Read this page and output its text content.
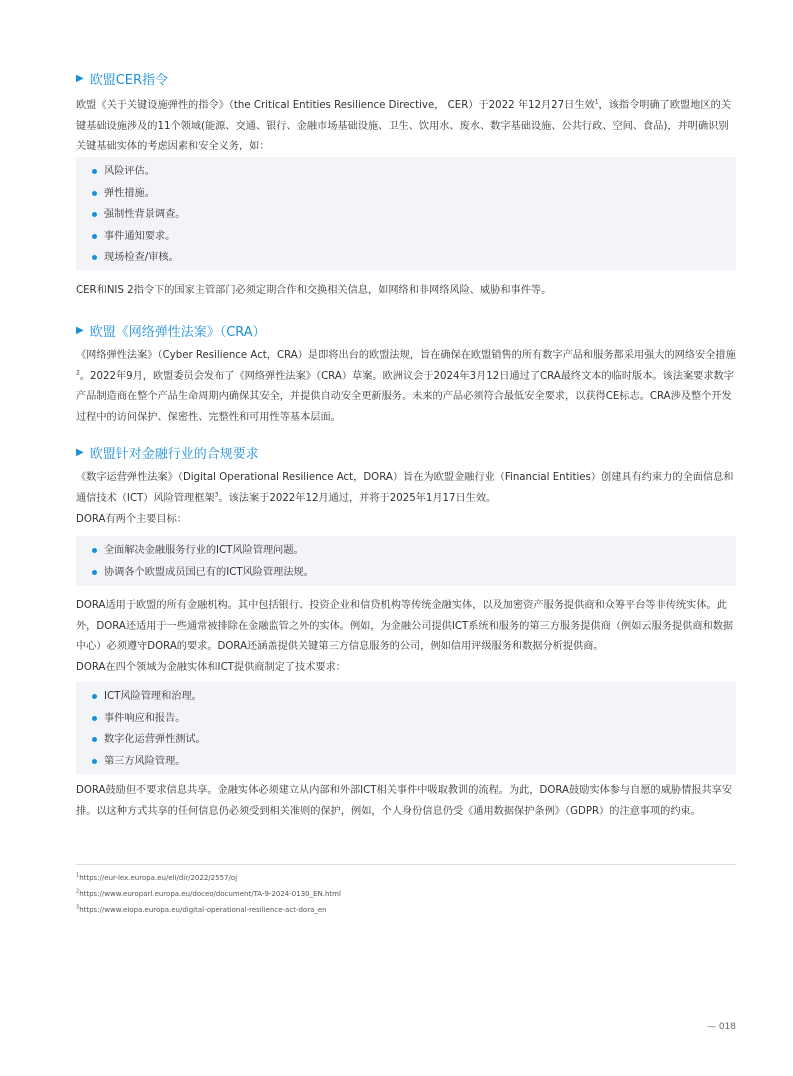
▶ 欧盟CER指令

欧盟《关于关键设施弹性的指令》（the Critical Entities Resilience Directive， CER）于2022 年12月27日生效$^1$，该指令明确了欧盟地区的关键基础设施涉及的11个领域(能源、交通、银行、金融市场基础设施、卫生、饮用水、废水、数字基础设施、公共行政、空间、食品)，并明确识别关键基础实体的考虑因素和安全义务，如：

风险评估。
弹性措施。
强制性背景调查。
事件通知要求。
现场检查/审核。

CER和NIS 2指令下的国家主管部门必须定期合作和交换相关信息，如网络和非网络风险、威胁和事件等。

▶ 欧盟《网络弹性法案》（CRA）

《网络弹性法案》（Cyber Resilience Act，CRA）是即将出台的欧盟法规，旨在确保在欧盟销售的所有数字产品和服务都采用强大的网络安全措施$^2$。2022年9月，欧盟委员会发布了《网络弹性法案》（CRA）草案。欧洲议会于2024年3月12日通过了CRA最终文本的临时版本。该法案要求数字产品制造商在整个产品生命周期内确保其安全，并提供自动安全更新服务。未来的产品必须符合最低安全要求，以获得CE标志。CRA涉及整个开发过程中的访问保护、保密性、完整性和可用性等基本层面。

▶ 欧盟针对金融行业的合规要求

《数字运营弹性法案》（Digital Operational Resilience Act，DORA）旨在为欧盟金融行业（Financial Entities）创建具有约束力的全面信息和通信技术（ICT）风险管理框架$^3$。该法案于2022年12月通过，并将于2025年1月17日生效。

DORA有两个主要目标：

全面解决金融服务行业的ICT风险管理问题。
协调各个欧盟成员国已有的ICT风险管理法规。

DORA适用于欧盟的所有金融机构。其中包括银行、投资企业和信贷机构等传统金融实体，以及加密资产服务提供商和众筹平台等非传统实体。此外，DORA还适用于一些通常被排除在金融监管之外的实体。例如，为金融公司提供ICT系统和服务的第三方服务提供商（例如云服务提供商和数据中心）必须遵守DORA的要求。DORA还涵盖提供关键第三方信息服务的公司，例如信用评级服务和数据分析提供商。

DORA在四个领域为金融实体和ICT提供商制定了技术要求：

ICT风险管理和治理。
事件响应和报告。
数字化运营弹性测试。
第三方风险管理。

DORA鼓励但不要求信息共享。金融实体必须建立从内部和外部ICT相关事件中吸取教训的流程。为此，DORA鼓励实体参与自愿的威胁情报共享安排。以这种方式共享的任何信息仍必须受到相关准则的保护，例如，个人身份信息仍受《通用数据保护条例》（GDPR）的注意事项的约束。

$^1$https://eur-lex.europa.eu/eli/dir/2022/2557/oj
$^2$https://www.europarl.europa.eu/doceo/document/TA-9-2024-0130_EN.html
$^3$https://www.eiopa.europa.eu/digital-operational-resilience-act-dora_en
— 018
